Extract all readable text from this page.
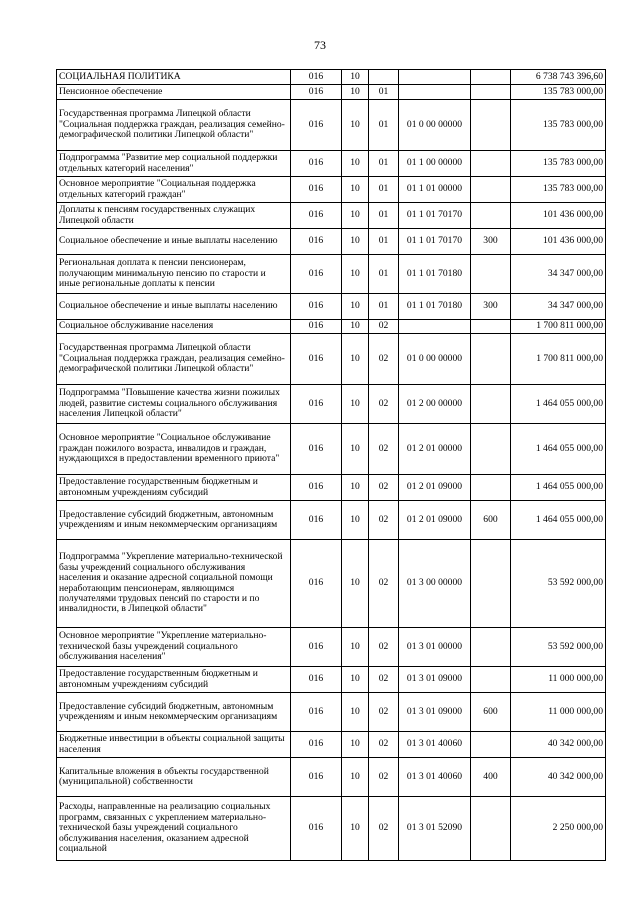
73
СОЦИАЛЬНАЯ ПОЛИТИКА	016	10				6 738 743 396,60
Пенсионное обеспечение	016	10	01			135 783 000,00
Государственная программа Липецкой области "Социальная поддержка граждан, реализация семейно-демографической политики Липецкой области"	016	10	01	01 0 00 00000		135 783 000,00
Подпрограмма "Развитие мер социальной поддержки отдельных категорий населения"	016	10	01	01 1 00 00000		135 783 000,00
Основное мероприятие "Социальная поддержка отдельных категорий граждан"	016	10	01	01 1 01 00000		135 783 000,00
Доплаты к пенсиям государственных служащих Липецкой области	016	10	01	01 1 01 70170		101 436 000,00
Социальное обеспечение и иные выплаты населению	016	10	01	01 1 01 70170	300	101 436 000,00
Региональная доплата к пенсии пенсионерам, получающим минимальную пенсию по старости и иные региональные доплаты к пенсии	016	10	01	01 1 01 70180		34 347 000,00
Социальное обеспечение и иные выплаты населению	016	10	01	01 1 01 70180	300	34 347 000,00
Социальное обслуживание населения	016	10	02			1 700 811 000,00
Государственная программа Липецкой области "Социальная поддержка граждан, реализация семейно-демографической политики Липецкой области"	016	10	02	01 0 00 00000		1 700 811 000,00
Подпрограмма "Повышение качества жизни пожилых людей, развитие системы социального обслуживания населения Липецкой области"	016	10	02	01 2 00 00000		1 464 055 000,00
Основное мероприятие "Социальное обслуживание граждан пожилого возраста, инвалидов и граждан, нуждающихся в предоставлении временного приюта"	016	10	02	01 2 01 00000		1 464 055 000,00
Предоставление государственным бюджетным и автономным учреждениям субсидий	016	10	02	01 2 01 09000		1 464 055 000,00
Предоставление субсидий бюджетным, автономным учреждениям и иным некоммерческим организациям	016	10	02	01 2 01 09000	600	1 464 055 000,00
Подпрограмма "Укрепление материально-технической базы учреждений социального обслуживания населения и оказание адресной социальной помощи неработающим пенсионерам, являющимся получателями трудовых пенсий по старости и по инвалидности, в Липецкой области"	016	10	02	01 3 00 00000		53 592 000,00
Основное мероприятие "Укрепление материально-технической базы учреждений социального обслуживания населения"	016	10	02	01 3 01 00000		53 592 000,00
Предоставление государственным бюджетным и автономным учреждениям субсидий	016	10	02	01 3 01 09000		11 000 000,00
Предоставление субсидий бюджетным, автономным учреждениям и иным некоммерческим организациям	016	10	02	01 3 01 09000	600	11 000 000,00
Бюджетные инвестиции в объекты социальной защиты населения	016	10	02	01 3 01 40060		40 342 000,00
Капитальные вложения в объекты государственной (муниципальной) собственности	016	10	02	01 3 01 40060	400	40 342 000,00
Расходы, направленные на реализацию социальных программ, связанных с укреплением материально-технической базы учреждений социального обслуживания населения, оказанием адресной социальной	016	10	02	01 3 01 52090		2 250 000,00
